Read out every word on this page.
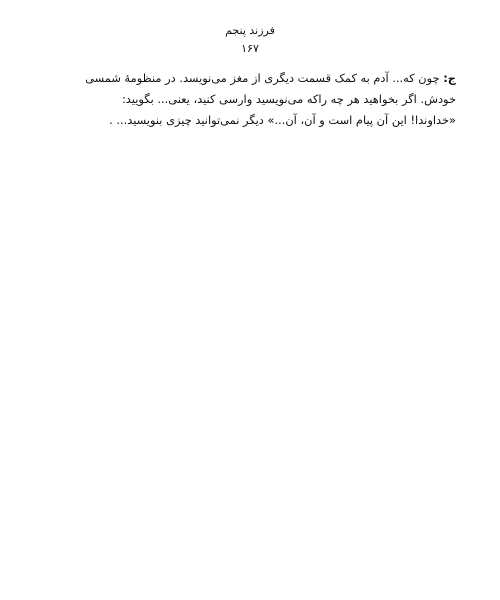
فرزند پنجم
۱۶۷
ج: چون که... آدم به کمک قسمت دیگری از مغز می‌نویسد. در منظومهٔ شمسی
خودش. اگر بخواهید هر چه راکه می‌نویسید وارسی کنید، یعنی... بگویید:
«خداوندا! این آن پیام است و آن، آن...» دیگر نمی‌توانید چیزی بنویسید... .
